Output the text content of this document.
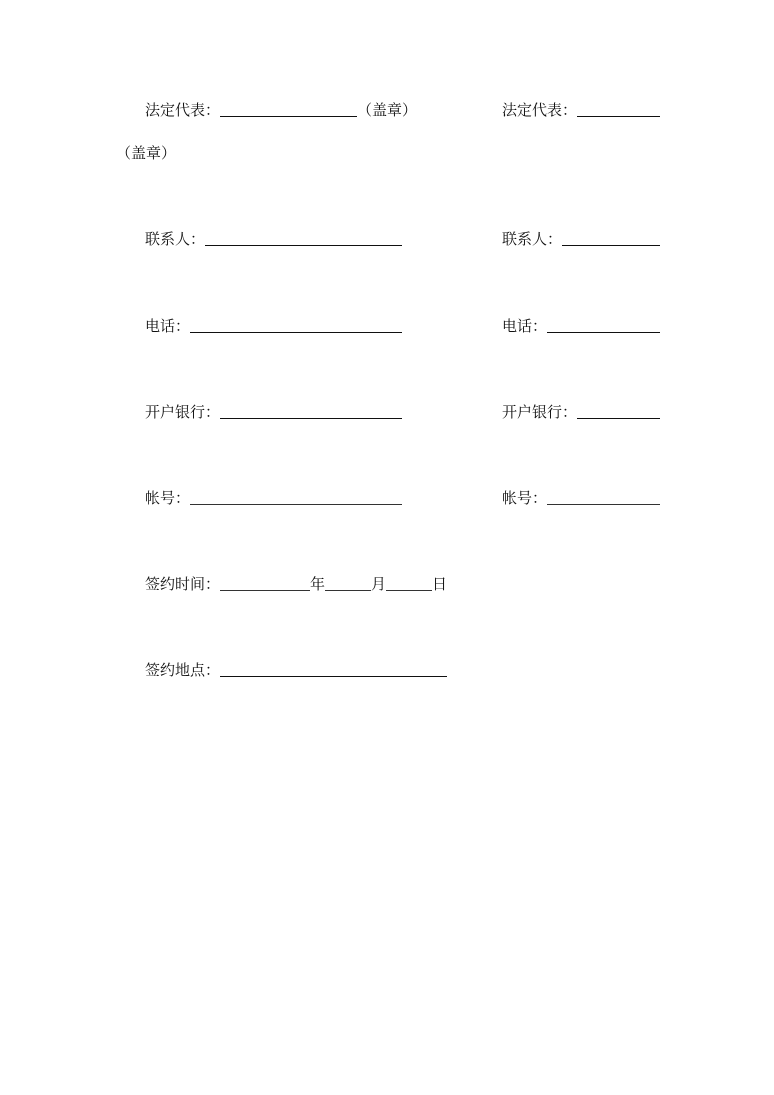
法定代表：	（盖章）	法定代表：
（盖章）
联系人：	联系人：
电话：	电话：
开户银行：	开户银行：
帐号：	帐号：
签约时间：	年	月	日
签约地点：
